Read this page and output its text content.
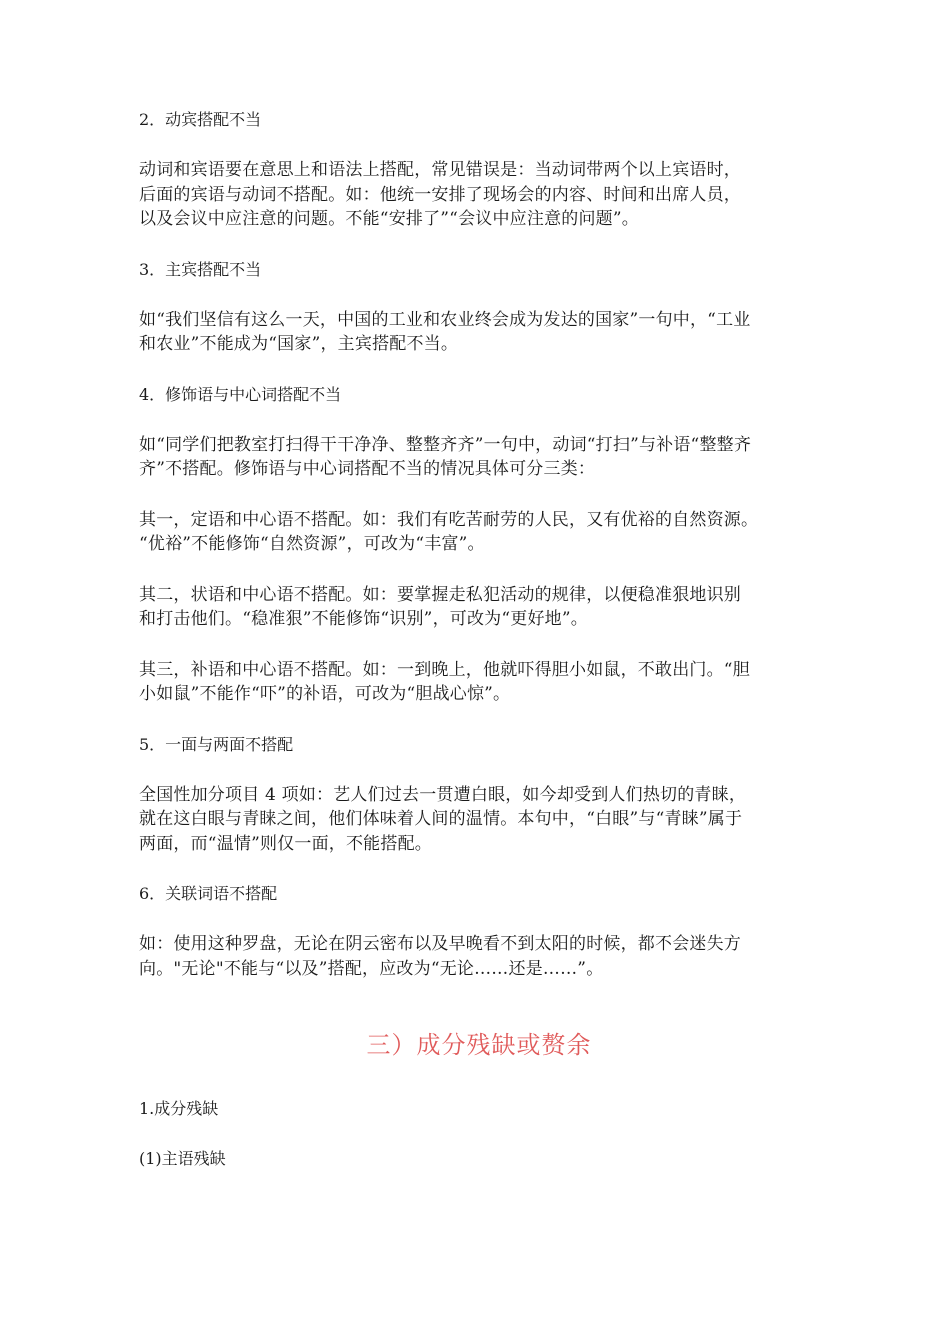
2．动宾搭配不当
动词和宾语要在意思上和语法上搭配，常见错误是：当动词带两个以上宾语时，
后面的宾语与动词不搭配。如：他统一安排了现场会的内容、时间和出席人员，
以及会议中应注意的问题。不能“安排了”“会议中应注意的问题”。
3．主宾搭配不当
如“我们坚信有这么一天，中国的工业和农业终会成为发达的国家”一句中，“工业
和农业”不能成为“国家”，主宾搭配不当。
4．修饰语与中心词搭配不当
如“同学们把教室打扫得干干净净、整整齐齐”一句中，动词“打扫”与补语“整整齐
齐”不搭配。修饰语与中心词搭配不当的情况具体可分三类：
其一，定语和中心语不搭配。如：我们有吃苦耐劳的人民，又有优裕的自然资源。
“优裕”不能修饰“自然资源”，可改为“丰富”。
其二，状语和中心语不搭配。如：要掌握走私犯活动的规律，以便稳准狠地识别
和打击他们。“稳准狠”不能修饰“识别”，可改为“更好地”。
其三，补语和中心语不搭配。如：一到晚上，他就吓得胆小如鼠，不敢出门。“胆
小如鼠”不能作“吓”的补语，可改为“胆战心惊”。
5．一面与两面不搭配
全国性加分项目 4 项如：艺人们过去一贯遭白眼，如今却受到人们热切的青睐，
就在这白眼与青睐之间，他们体味着人间的温情。本句中，“白眼”与“青睐”属于
两面，而“温情”则仅一面，不能搭配。
6．关联词语不搭配
如：使用这种罗盘，无论在阴云密布以及早晚看不到太阳的时候，都不会迷失方
向。"无论"不能与“以及”搭配，应改为“无论……还是……”。
三）成分残缺或赘余
1.成分残缺
(1)主语残缺
